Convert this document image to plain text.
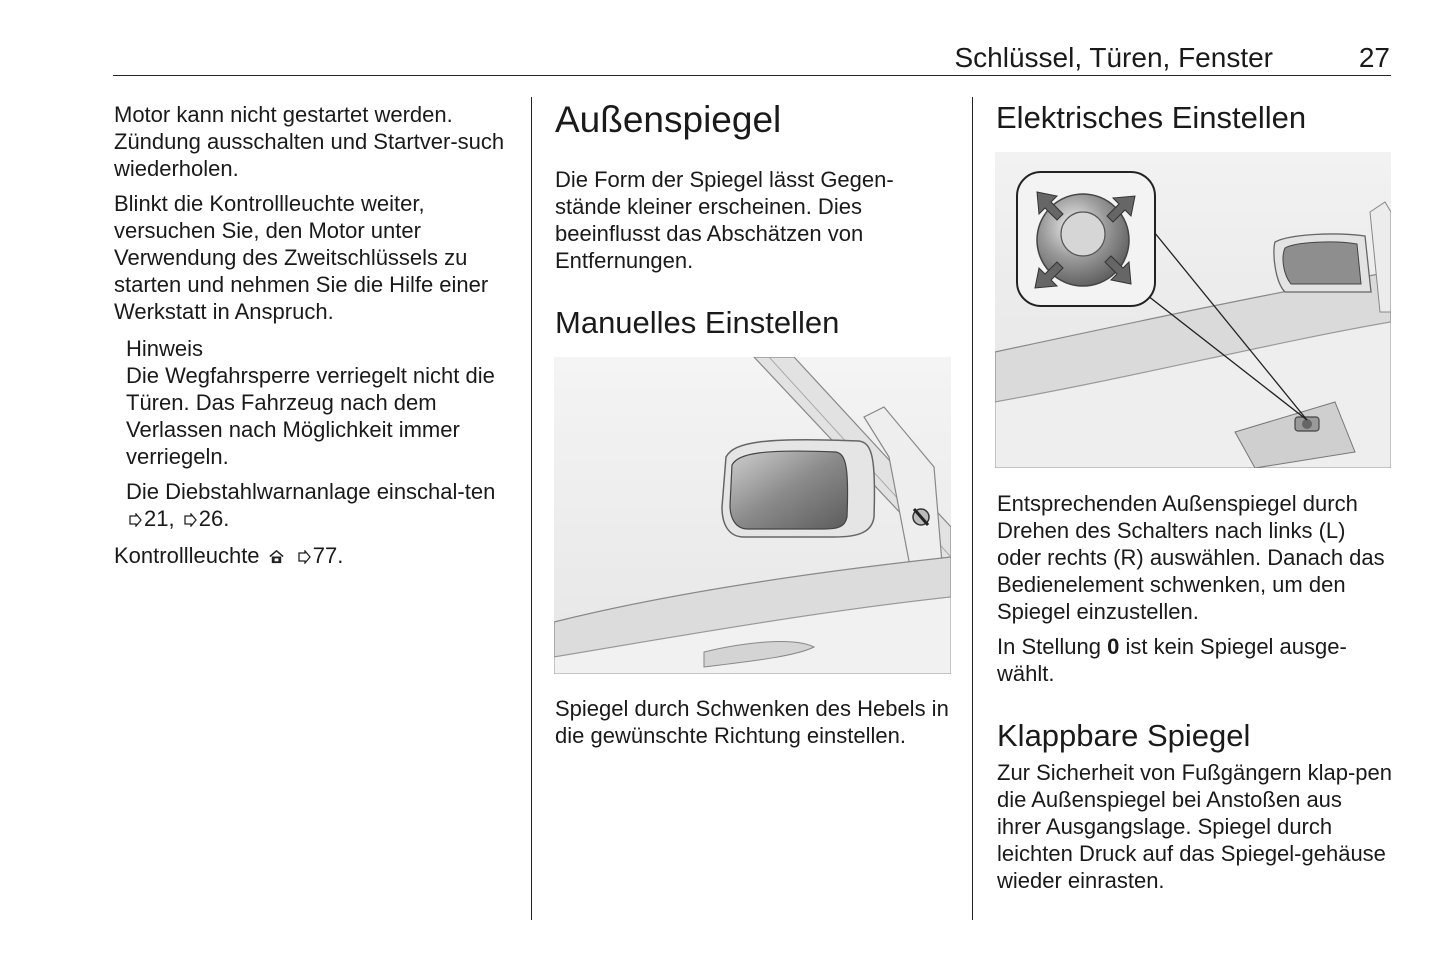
Schlüssel, Türen, Fenster	27

Motor kann nicht gestartet werden. Zündung ausschalten und Startver-such wiederholen.

Blinkt die Kontrollleuchte weiter, versuchen Sie, den Motor unter Verwendung des Zweitschlüssels zu starten und nehmen Sie die Hilfe einer Werkstatt in Anspruch.

Hinweis

Die Wegfahrsperre verriegelt nicht die Türen. Das Fahrzeug nach dem Verlassen nach Möglichkeit immer verriegeln.

Die Diebstahlwarnanlage einschal-ten 21, 26.

Kontrollleuchte 77.

Außenspiegel

Die Form der Spiegel lässt Gegen-stände kleiner erscheinen. Dies beeinflusst das Abschätzen von Entfernungen.

Manuelles Einstellen

Spiegel durch Schwenken des Hebels in die gewünschte Richtung einstellen.

Elektrisches Einstellen

Entsprechenden Außenspiegel durch Drehen des Schalters nach links (L) oder rechts (R) auswählen. Danach das Bedienelement schwenken, um den Spiegel einzustellen.

In Stellung 0 ist kein Spiegel ausge-wählt.

Klappbare Spiegel

Zur Sicherheit von Fußgängern klap-pen die Außenspiegel bei Anstoßen aus ihrer Ausgangslage. Spiegel durch leichten Druck auf das Spiegel-gehäuse wieder einrasten.
